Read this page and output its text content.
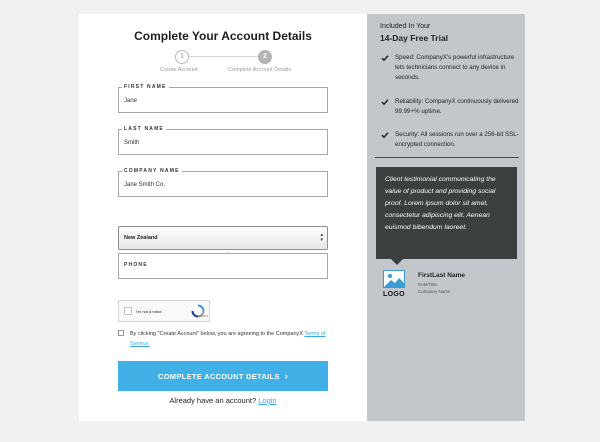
Complete Your Account Details
1	2
Create Account	Complete Account Details
FIRST NAME
Jane
LAST NAME
Smith
COMPANY NAME
Jane Smith Co.
New Zealand	▴
▾
PHONE
I'm not a robot
reCAPTCHA
By clicking "Create Account" below, you are agreeing to the CompanyX Terms of Service.
COMPLETE ACCOUNT DETAILS ›
Already have an account? Login
Included In Your
14-Day Free Trial
Speed: CompanyX's powerful infrastructure lets technicians connect to any device in seconds.
Reliability: CompanyX continuously delivered 99.99+% uptime.
Security: All sessions run over a 256-bit SSL-encrypted connection.
Client testimonial communicating the value of product and providing social proof. Lorem ipsum dolor sit amet, consectetur adipiscing elit. Aenean euismod bibendum laoreet.
LOGO
FirstLast Name
Role/Title,
Company Name
